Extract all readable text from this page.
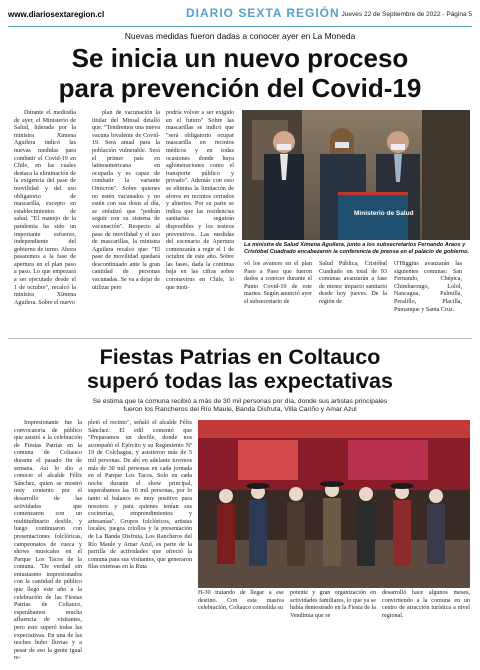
www.diariosextaregion.cl	DIARIO SEXTA REGIÓN Jueves 22 de Septiembre de 2022 - Página 5
Nuevas medidas fueron dadas a conocer ayer en La Moneda
Se inicia un nuevo proceso
para prevención del Covid-19
Durante el mediodía de ayer, el Ministerio de Salud, liderada por la ministra Ximena Aguilera indicó las nuevas medidas para combatir el Covid-19 en Chile, en las cuales destaca la eliminación de la exigencia del pase de movilidad y del uso obligatorio de mascarilla, excepto en establecimientos de salud. "El manejo de la pandemia ha sido un importante esfuerzo, independiente del gobierno de turno. Ahora pasaremos a la fase de apertura en el plan paso a paso. Lo que empezará a ser ejecutado desde el 1 de octubre", recalcó la ministra Ximena Aguilera. Sobre el nuevo
plan de vacunación la titular del Minsal detalló que: "Tendremos una nueva vacuna bivalente de Covid-19. Será anual para la población vulnerable. Será el primer país en latinoamericana en ocuparla y es capaz de combatir la variante Omicron". Sobre quienes no estén vacunados y no estén con sus dosis al día, se enfatizó que "podrán seguir con su sistema de vacunación". Respecto al pase de movilidad y el uso de mascarillas, la ministra Aguilera recalcó que: "El pase de movilidad quedará descontinuado ante la gran cantidad de personas vacunadas. Se va a dejar de utilizar pero
podría volver a ser exigido en el futuro" Sobre las mascarillas se indicó que "será obligatorio ocupar mascarilla en recintos médicos y en todas ocasiones donde haya aglomeraciones como el transporte público y privado". Además con esto se elimina la limitación de aforos en recintos cerrados y abiertos. Por su parte se indica que las residencias sanitarias seguirán disponibles y los testeos preventivos. Las medidas del escenario de Apertura comenzarán a regir el 1 de octubre de este año. Sobre las fases, dada la continua baja en las cifras sobre coronavirus en Chile, lo que moti-
Ministerio de Salud
La ministra de Salud Ximena Aguilera, junto a los subsecretarios Fernando Araos y Cristóbal Cuadrado encabezaron la conferencia de prensa en el palacio de gobierno.
vó los avances en el plan Paso a Paso que fueron dados a conocer durante el Punto Covid-19 de este martes. Según anunció ayer el subsecretario de
Salud Pública, Cristóbal Cuadrado un total de 93 comunas avanzarán a fase de menor impacto sanitario desde hoy jueves. De la región de
O'Higgins avanzarán las siguientes comunas: San Fernando, Chépica, Chimbarongo, Lolol, Nancagua, Palmilla, Peralillo, Placilla, Pumanque y Santa Cruz.
Fiestas Patrias en Coltauco
superó todas las expectativas
Se estima que la comuna recibió a más de 30 mil personas por día, donde sus artistas principales
fueron los Rancheros del Río Maule, Banda Disfruta, Villa Cariño y Amar Azul
Impresionante fue la convocatoria de público que asistió a la celebración de Fiestas Patrias en la comuna de Coltauco durante el pasado fin de semana. Así lo dio a conocer el alcalde Félix Sánchez, quien se mostró muy contento por el desarrollo de las actividades que comenzaron con un multitudinario desfile, y luego continuaron con presentaciones folclóricas, campeonatos de cueca y shows musicales en el Parque Los Tacos de la comuna. "De verdad sin entusiasmo impresionados con la cantidad de público que llegó este año a la celebración de las Fiestas Patrias de Coltauco, esperábamos mucha afluencia de visitantes, pero esto superó todas las expectativas. En una de las noches hubo lluvias y a pesar de eso la gente igual re-
pletó el recinto", señaló el alcalde Félix Sánchez. El edil comentó que "Preparamos un desfile, donde nos acompañó el Ejército y su Regimiento Nº 19 de Colchagua, y asistieron más de 5 mil personas. De ahí en adelante tuvimos más de 30 mil personas en cada jornada en el Parque Los Tacos. Solo en cada noche durante el show principal, superábamos las 10 mil personas, por lo tanto el balance es muy positivo para nosotros y para quienes tenían sus cocinerías, emprendimientos y artesanías". Grupos folclóricos, artistas locales, juegos criollos y la presentación de La Banda Disfruta, Los Rancheros del Río Maule y Amar Azul, es parte de la parrilla de actividades que ofreció la comuna para sus visitantes, que generaron filas extensas en la Ruta
H-30 tratando de llegar a ese destino. Con esta masiva celebración, Coltauco consolida su
potente y gran organización en actividades familiares, lo que ya se había demostrado en la Fiesta de la Vendimia que se
desarrolló hace algunos meses, convirtiendo a la comuna en un centro de atracción turística a nivel regional.
